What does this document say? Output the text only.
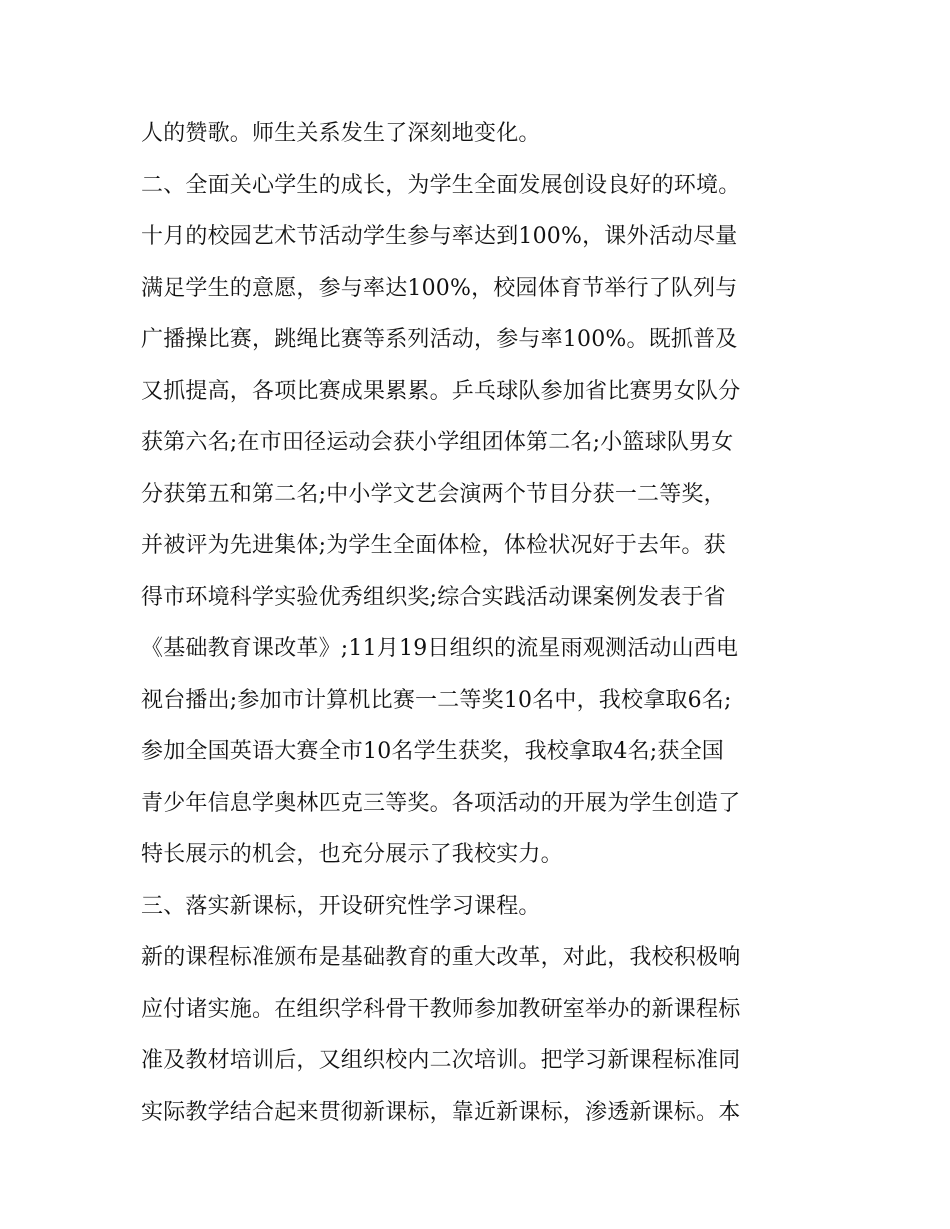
人的赞歌。师生关系发生了深刻地变化。
二、全面关心学生的成长，为学生全面发展创设良好的环境。
十月的校园艺术节活动学生参与率达到100%，课外活动尽量
满足学生的意愿，参与率达100%，校园体育节举行了队列与
广播操比赛，跳绳比赛等系列活动，参与率100%。既抓普及
又抓提高，各项比赛成果累累。乒乓球队参加省比赛男女队分
获第六名;在市田径运动会获小学组团体第二名;小篮球队男女
分获第五和第二名;中小学文艺会演两个节目分获一二等奖，
并被评为先进集体;为学生全面体检，体检状况好于去年。获
得市环境科学实验优秀组织奖;综合实践活动课案例发表于省
《基础教育课改革》;11月19日组织的流星雨观测活动山西电
视台播出;参加市计算机比赛一二等奖10名中，我校拿取6名;
参加全国英语大赛全市10名学生获奖，我校拿取4名;获全国
青少年信息学奥林匹克三等奖。各项活动的开展为学生创造了
特长展示的机会，也充分展示了我校实力。
三、落实新课标，开设研究性学习课程。
新的课程标准颁布是基础教育的重大改革，对此，我校积极响
应付诸实施。在组织学科骨干教师参加教研室举办的新课程标
准及教材培训后，又组织校内二次培训。把学习新课程标准同
实际教学结合起来贯彻新课标，靠近新课标，渗透新课标。本
